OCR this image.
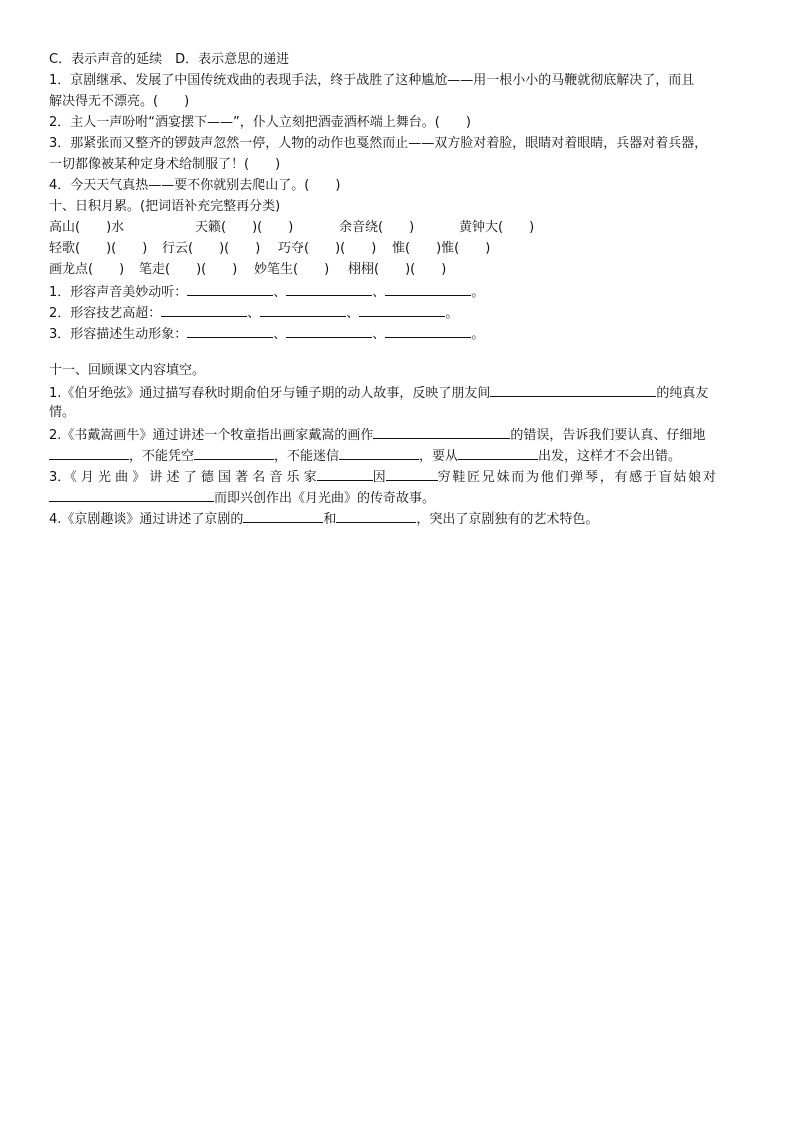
C．表示声音的延续　D．表示意思的递进
1．京剧继承、发展了中国传统戏曲的表现手法，终于战胜了这种尴尬——用一根小小的马鞭就彻底解决了，而且
解决得无不漂亮。(　　)
2．主人一声吩咐“酒宴摆下——”，仆人立刻把酒壶酒杯端上舞台。(　　)
3．那紧张而又整齐的锣鼓声忽然一停，人物的动作也戛然而止——双方脸对着脸，眼睛对着眼睛，兵器对着兵器，
一切都像被某种定身术给制服了！(　　)
4．今天天气真热——要不你就别去爬山了。(　　)
十、日积月累。(把词语补充完整再分类)
高山(　　)水	天籁(　　)(　　)	余音绕(　　)	黄钟大(　　)
轻歌(　　)(　　) 行云(　　)(　　) 巧夺(　　)(　　) 惟(　　)惟(　　)
画龙点(　　) 笔走(　　)(　　) 妙笔生(　　) 栩栩(　　)(　　)
1．形容声音美妙动听：	、	、	。
2．形容技艺高超：	、	、	。
3．形容描述生动形象：	、	、	。
十一、回顾课文内容填空。
1.《伯牙绝弦》通过描写春秋时期俞伯牙与锺子期的动人故事，反映了朋友间	的纯真友
情。
2.《书戴嵩画牛》通过讲述一个牧童指出画家戴嵩的画作	的错误，告诉我们要认真、仔细地
，不能凭空	，不能迷信	，要从	出发，这样才不会出错。
3．《 月 光 曲 》 讲 述 了 德 国 著 名 音 乐 家	因	穷 鞋 匠 兄 妹 而 为 他 们 弹 琴 ， 有 感 于 盲 姑 娘 对
而即兴创作出《月光曲》的传奇故事。
4.《京剧趣谈》通过讲述了京剧的	和	，突出了京剧独有的艺术特色。
